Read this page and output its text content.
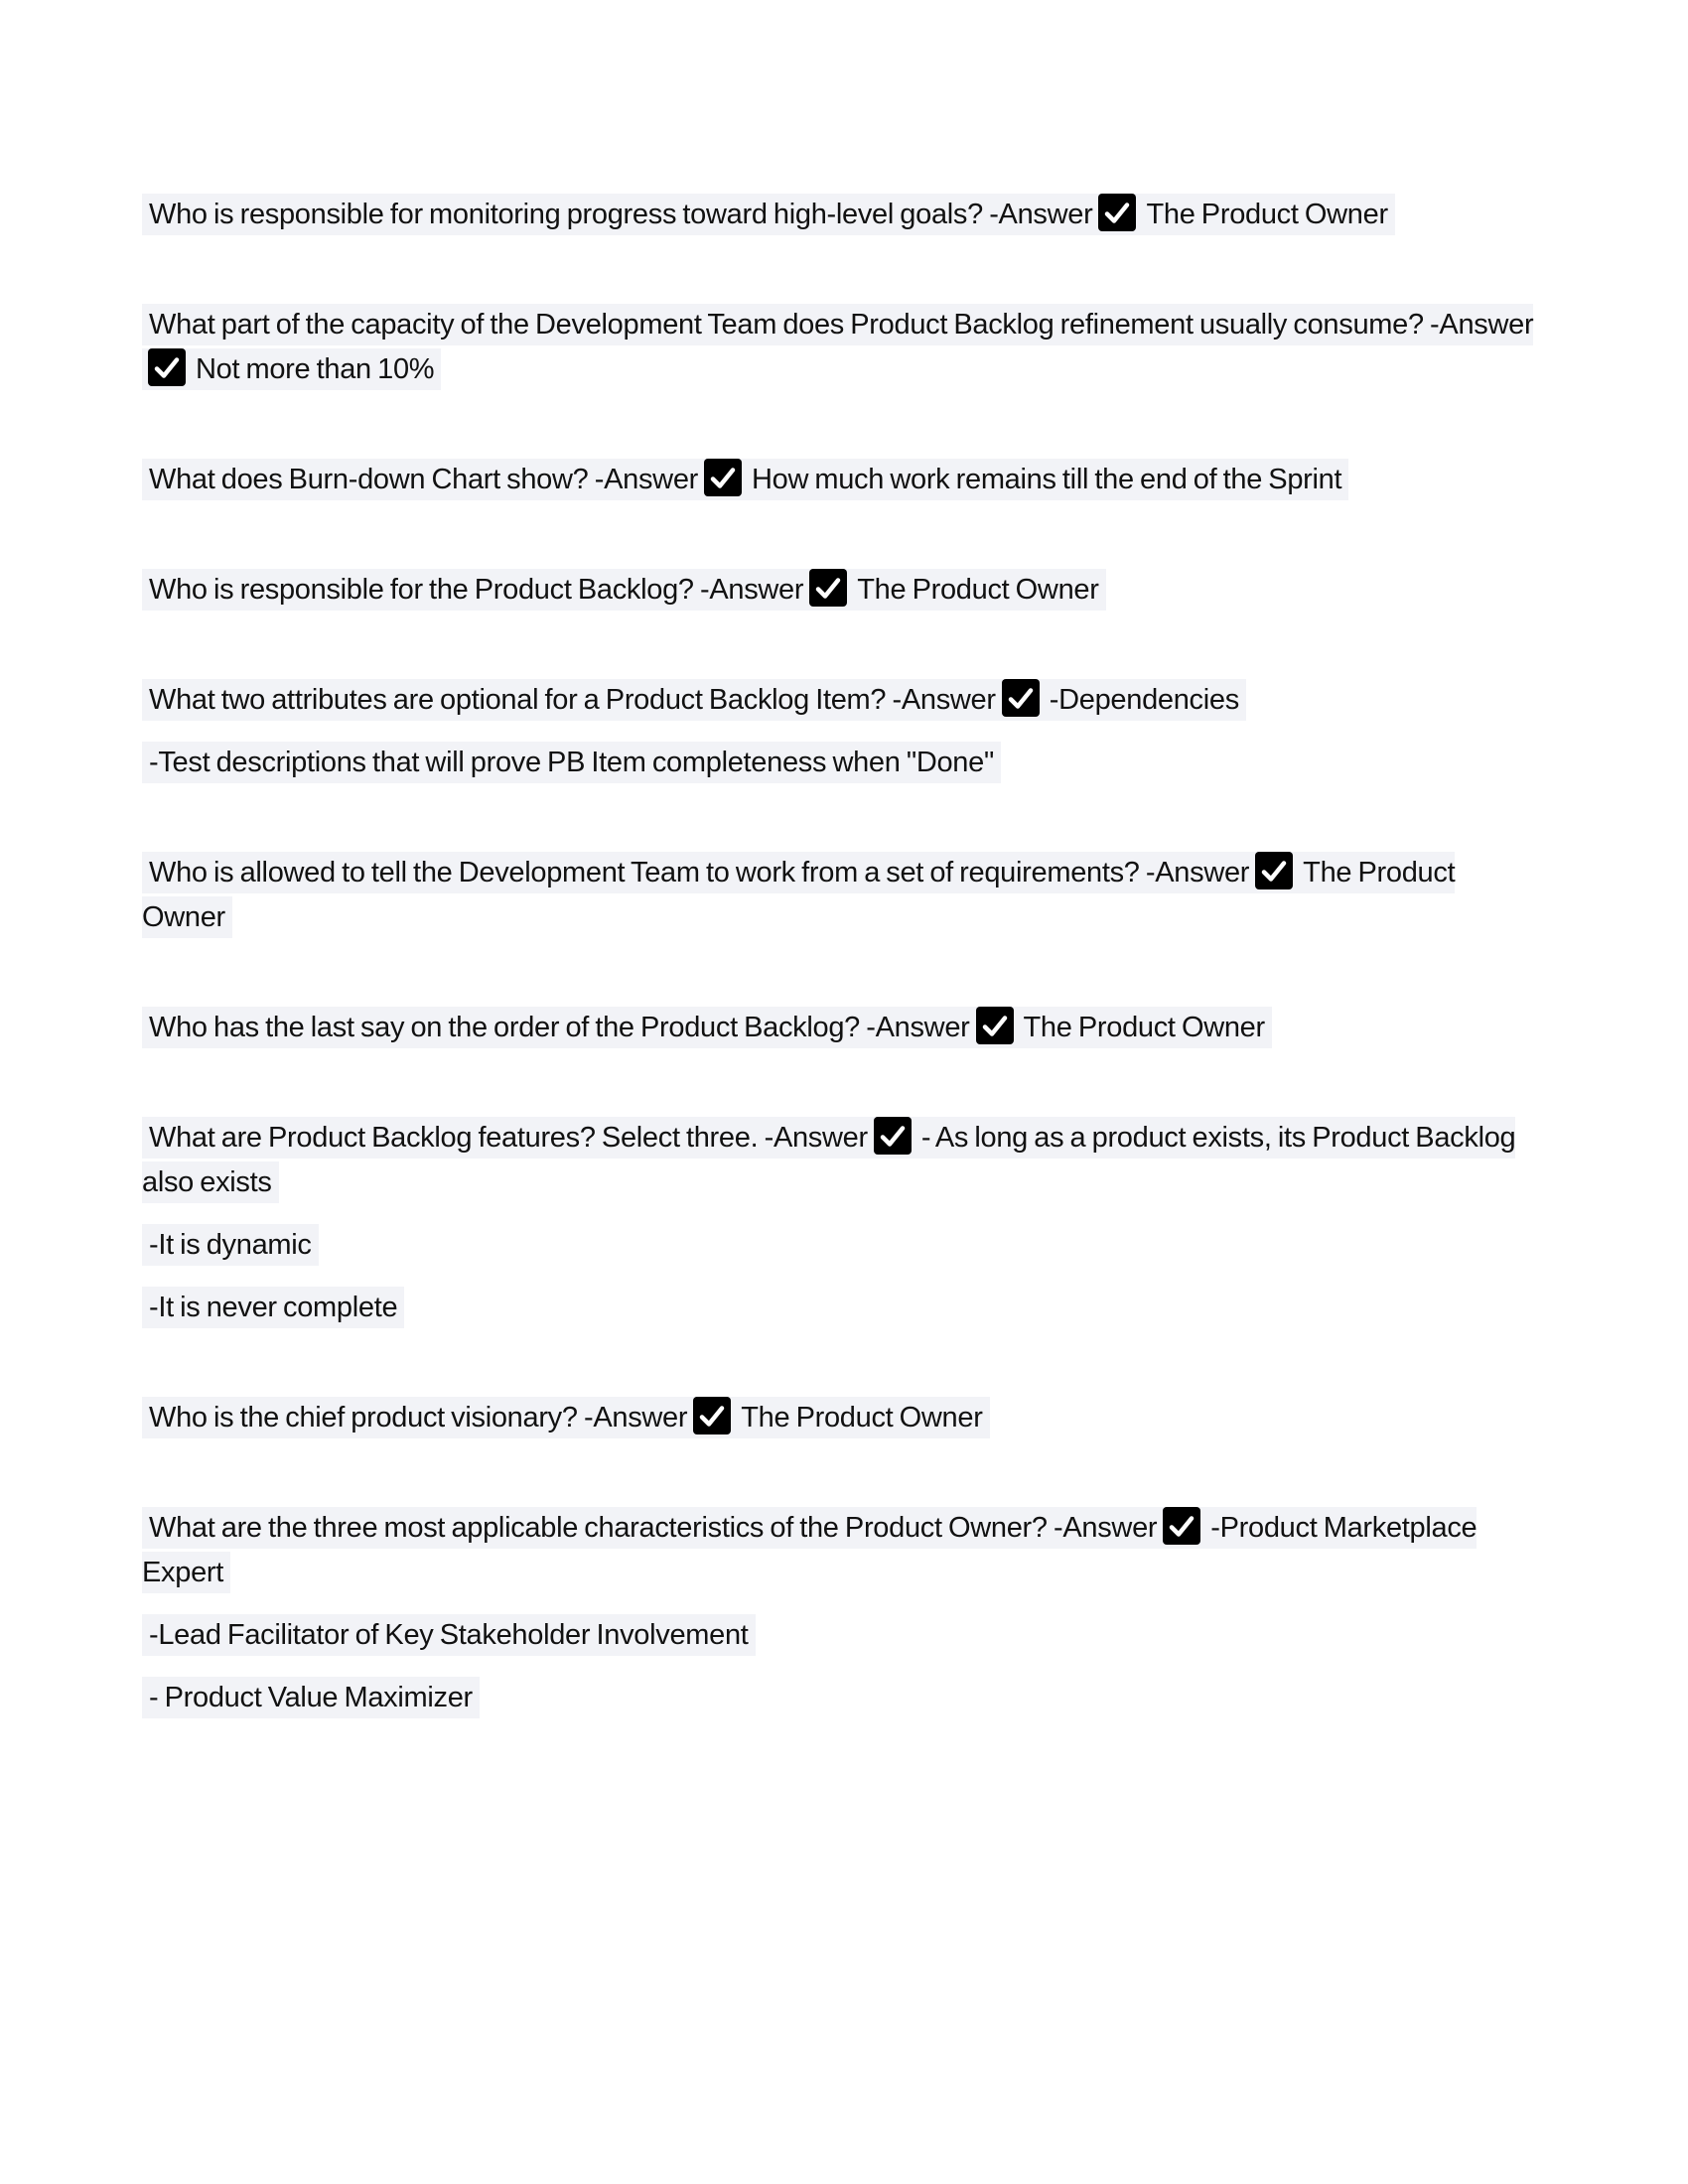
Who is responsible for monitoring progress toward high-level goals? -Answer The Product Owner

What part of the capacity of the Development Team does Product Backlog refinement usually consume? -Answer
Not more than 10%

What does Burn-down Chart show? -Answer How much work remains till the end of the Sprint

Who is responsible for the Product Backlog? -Answer The Product Owner

What two attributes are optional for a Product Backlog Item? -Answer -Dependencies

-Test descriptions that will prove PB Item completeness when "Done"

Who is allowed to tell the Development Team to work from a set of requirements? -Answer The Product Owner

Who has the last say on the order of the Product Backlog? -Answer The Product Owner

What are Product Backlog features? Select three. -Answer - As long as a product exists, its Product Backlog also exists

-It is dynamic

-It is never complete

Who is the chief product visionary? -Answer The Product Owner

What are the three most applicable characteristics of the Product Owner? -Answer -Product Marketplace Expert

-Lead Facilitator of Key Stakeholder Involvement

- Product Value Maximizer
